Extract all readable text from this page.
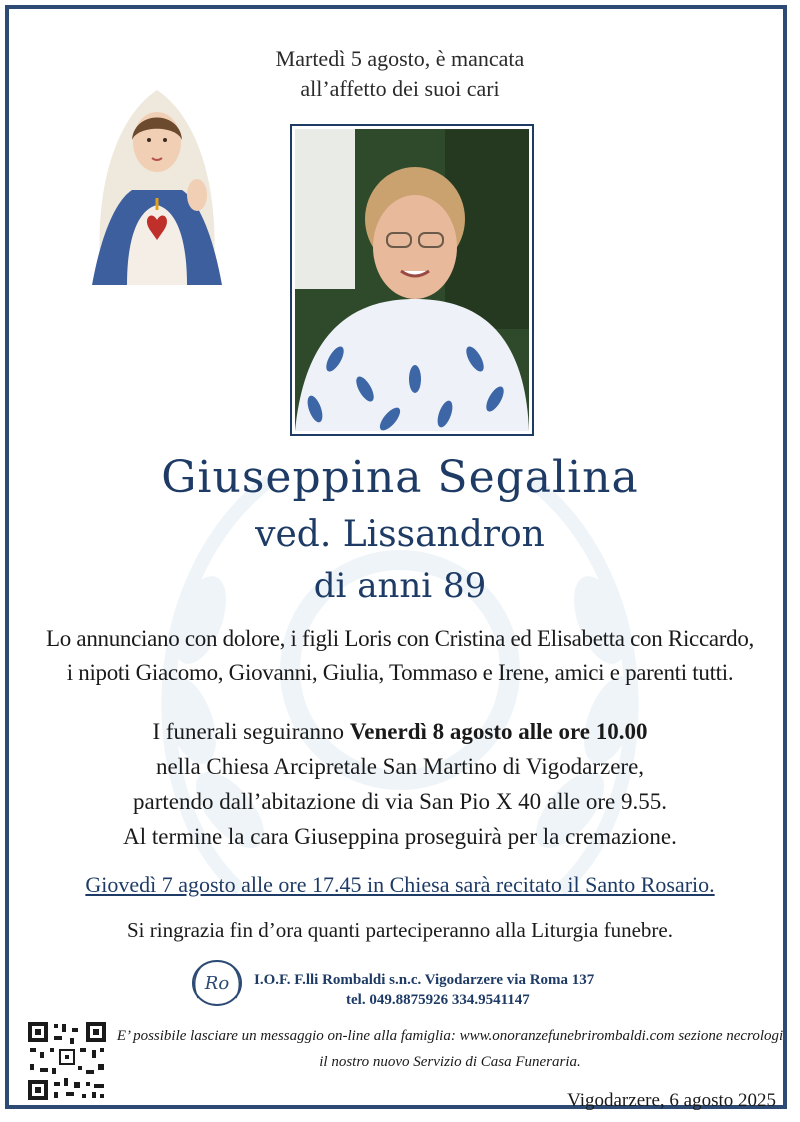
Martedì 5 agosto, è mancata
all’affetto dei suoi cari
Giuseppina Segalina
ved. Lissandron
di anni 89
Lo annunciano con dolore, i figli Loris con Cristina ed Elisabetta con Riccardo,
i nipoti Giacomo, Giovanni, Giulia, Tommaso e Irene, amici e parenti tutti.
I funerali seguiranno Venerdì 8 agosto alle ore 10.00
nella Chiesa Arcipretale San Martino di Vigodarzere,
partendo dall’abitazione di via San Pio X 40 alle ore 9.55.
Al termine la cara Giuseppina proseguirà per la cremazione.
Giovedì 7 agosto alle ore 17.45 in Chiesa sarà recitato il Santo Rosario.
Si ringrazia fin d’ora quanti parteciperanno alla Liturgia funebre.
Ro I.O.F. F.lli Rombaldi s.n.c. Vigodarzere via Roma 137
tel. 049.8875926 334.9541147
E’ possibile lasciare un messaggio on-line alla famiglia: www.onoranzefunebrirombaldi.com sezione necrologi
il nostro nuovo Servizio di Casa Funeraria.
Vigodarzere, 6 agosto 2025
